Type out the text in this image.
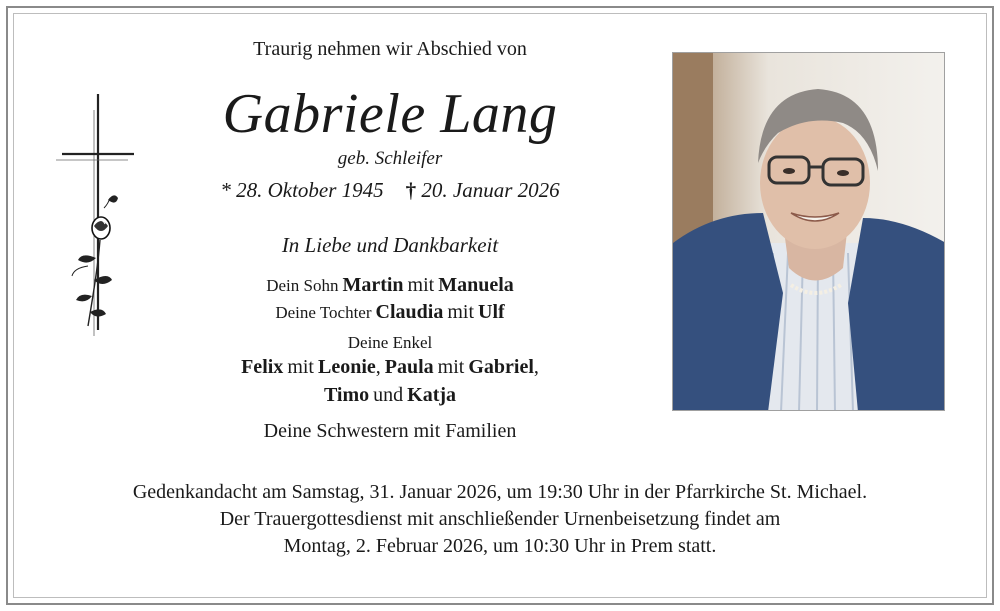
Traurig nehmen wir Abschied von
Gabriele Lang
geb. Schleifer
* 28. Oktober 1945 † 20. Januar 2026
In Liebe und Dankbarkeit
Dein Sohn Martin mit Manuela
Deine Tochter Claudia mit Ulf
Deine Enkel
Felix mit Leonie, Paula mit Gabriel,
Timo und Katja
Deine Schwestern mit Familien
Gedenkandacht am Samstag, 31. Januar 2026, um 19:30 Uhr in der Pfarrkirche St. Michael.
Der Trauergottesdienst mit anschließender Urnenbeisetzung findet am
Montag, 2. Februar 2026, um 10:30 Uhr in Prem statt.
